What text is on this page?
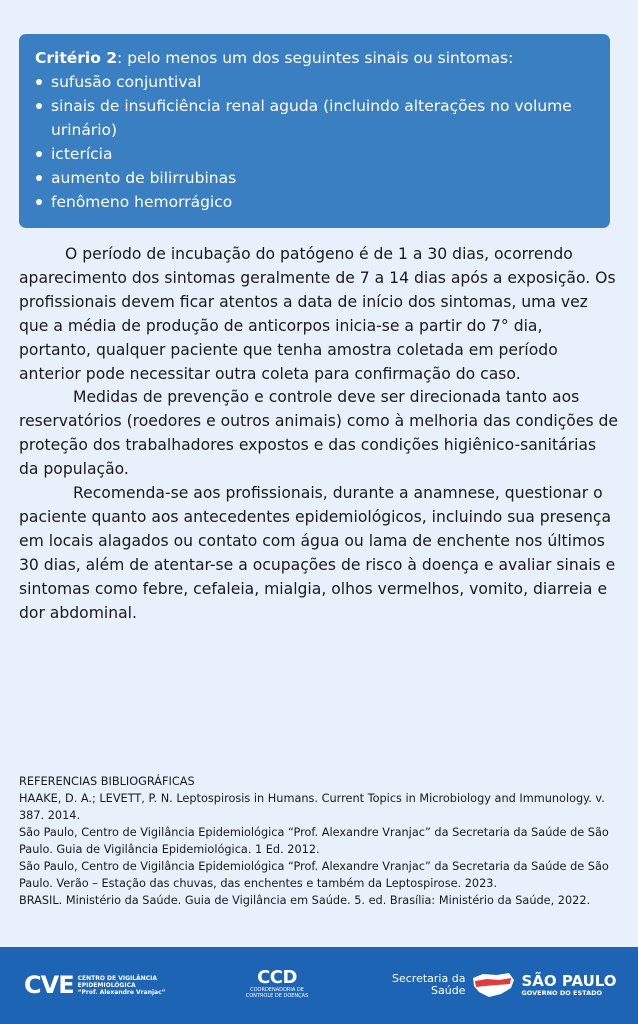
Critério 2: pelo menos um dos seguintes sinais ou sintomas:
sufusão conjuntival
sinais de insuficiência renal aguda (incluindo alterações no volume urinário)
icterícia
aumento de bilirrubinas
fenômeno hemorrágico

O período de incubação do patógeno é de 1 a 30 dias, ocorrendo aparecimento dos sintomas geralmente de 7 a 14 dias após a exposição. Os profissionais devem ficar atentos a data de início dos sintomas, uma vez que a média de produção de anticorpos inicia-se a partir do 7° dia, portanto, qualquer paciente que tenha amostra coletada em período anterior pode necessitar outra coleta para confirmação do caso.

Medidas de prevenção e controle deve ser direcionada tanto aos reservatórios (roedores e outros animais) como à melhoria das condições de proteção dos trabalhadores expostos e das condições higiênico-sanitárias da população.

Recomenda-se aos profissionais, durante a anamnese, questionar o paciente quanto aos antecedentes epidemiológicos, incluindo sua presença em locais alagados ou contato com água ou lama de enchente nos últimos 30 dias, além de atentar-se a ocupações de risco à doença e avaliar sinais e sintomas como febre, cefaleia, mialgia, olhos vermelhos, vomito, diarreia e dor abdominal.

REFERENCIAS BIBLIOGRÁFICAS
HAAKE, D. A.; LEVETT, P. N. Leptospirosis in Humans. Current Topics in Microbiology and Immunology. v. 387. 2014.
São Paulo, Centro de Vigilância Epidemiológica “Prof. Alexandre Vranjac” da Secretaria da Saúde de São Paulo. Guia de Vigilância Epidemiológica. 1 Ed. 2012.
São Paulo, Centro de Vigilância Epidemiológica “Prof. Alexandre Vranjac” da Secretaria da Saúde de São Paulo. Verão – Estação das chuvas, das enchentes e também da Leptospirose. 2023.
BRASIL. Ministério da Saúde. Guia de Vigilância em Saúde. 5. ed. Brasília: Ministério da Saúde, 2022.
CVE CENTRO DE VIGILÂNCIA
EPIDEMIOLÓGICA
“Prof. Alexandre Vranjac”
CCD
COORDENADORIA DE
CONTROLE DE DOENÇAS
Secretaria da
Saúde
SÃO PAULO
GOVERNO DO ESTADO
